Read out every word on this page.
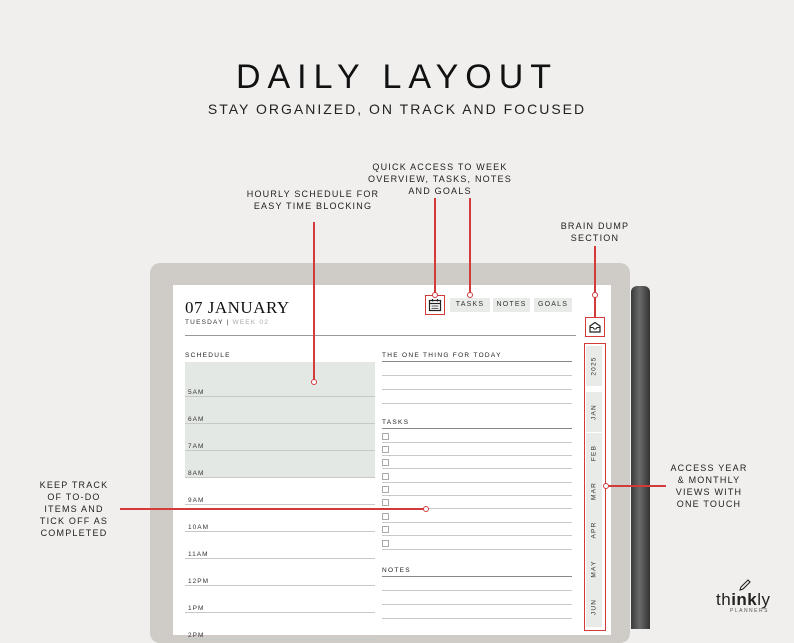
DAILY LAYOUT
STAY ORGANIZED, ON TRACK AND FOCUSED
QUICK ACCESS TO WEEK
OVERVIEW, TASKS, NOTES
AND GOALS
HOURLY SCHEDULE FOR
EASY TIME BLOCKING
BRAIN DUMP
SECTION
KEEP TRACK
OF TO-DO
ITEMS AND
TICK OFF AS
COMPLETED
ACCESS YEAR
& MONTHLY
VIEWS WITH
ONE TOUCH
07 JANUARY
TUESDAY | WEEK 02
TASKS	NOTES	GOALS
SCHEDULE
5AM
6AM
7AM
8AM
9AM
10AM
11AM
12PM
1PM
2PM
THE ONE THING FOR TODAY
TASKS
NOTES
2025
JAN
FEB
MAR
APR
MAY
JUN	thinkly
PLANNERS
